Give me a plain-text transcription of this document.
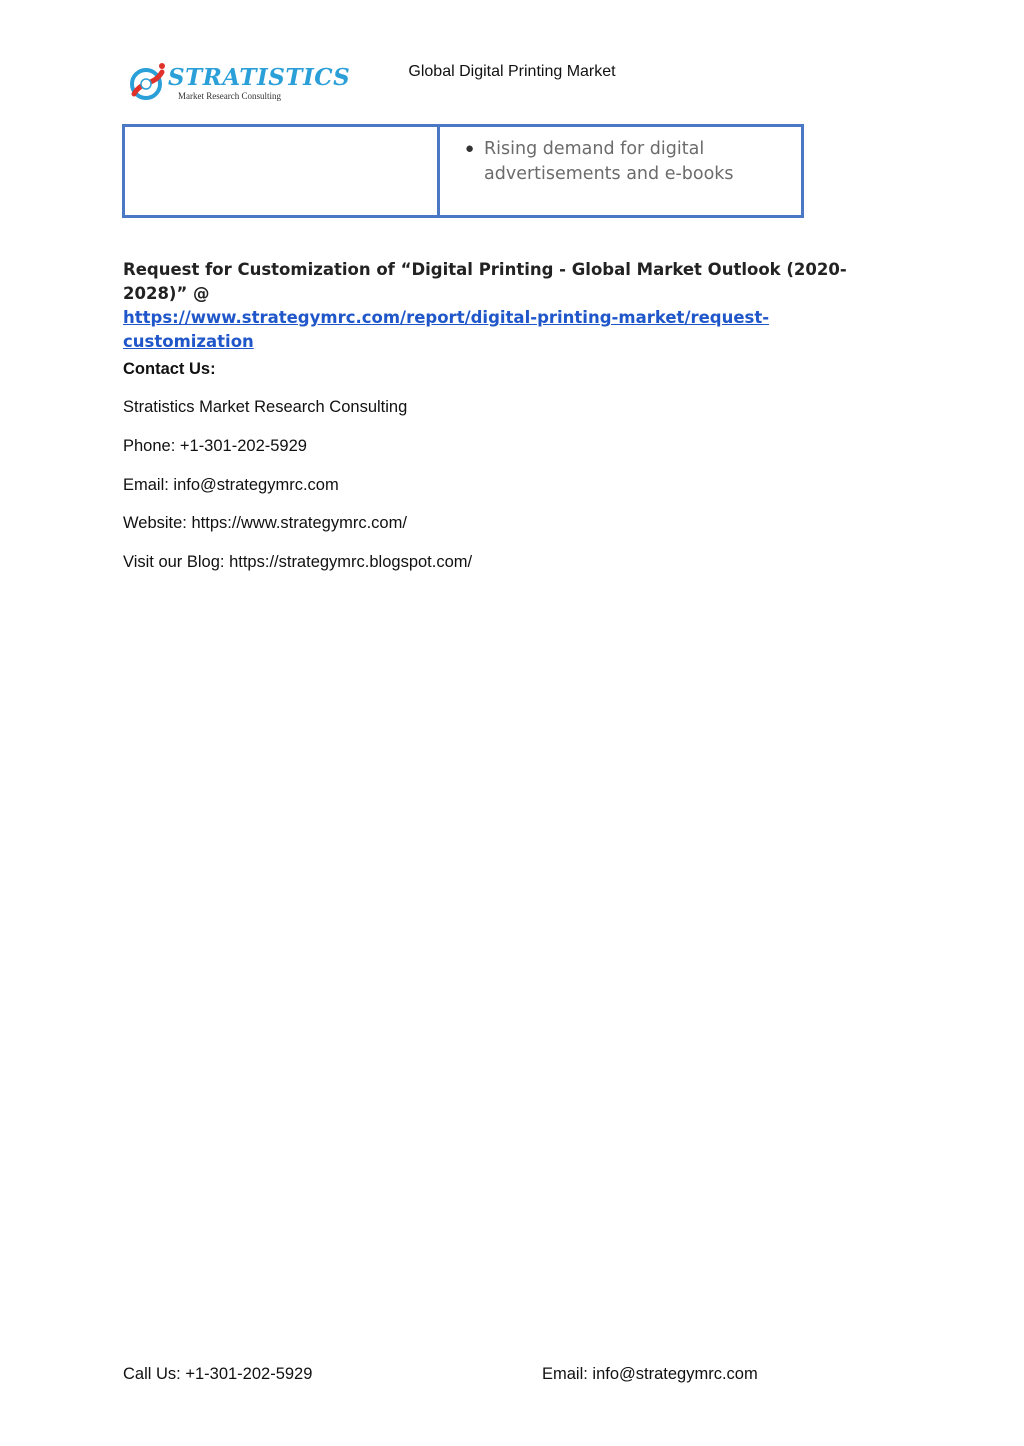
STRATISTICS
Market Research Consulting
Global Digital Printing Market
● Rising demand for digital advertisements and e-books
Request for Customization of “Digital Printing - Global Market Outlook (2020-2028)” @
https://www.strategymrc.com/report/digital-printing-market/request-customization
Contact Us:
Stratistics Market Research Consulting
Phone: +1-301-202-5929
Email: info@strategymrc.com
Website: https://www.strategymrc.com/
Visit our Blog: https://strategymrc.blogspot.com/
Call Us: +1-301-202-5929	Email: info@strategymrc.com
